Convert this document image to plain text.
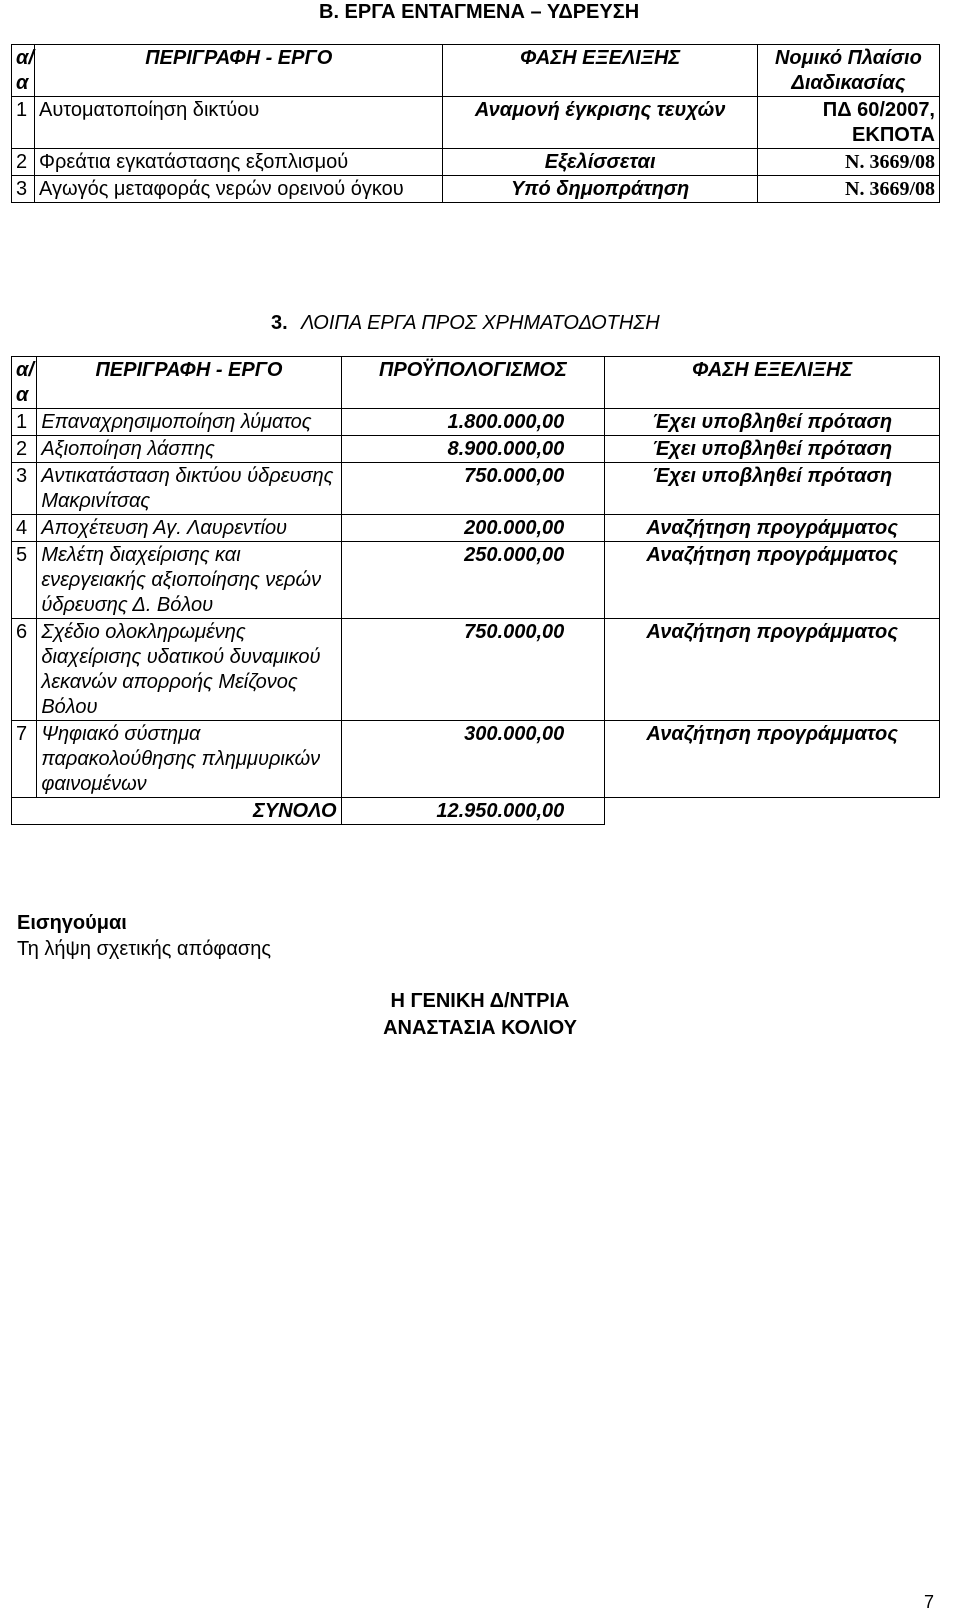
Β. ΕΡΓΑ ΕΝΤΑΓΜΕΝΑ – ΥΔΡΕΥΣΗ
α/α	ΠΕΡΙΓΡΑΦΗ - ΕΡΓΟ	ΦΑΣΗ ΕΞΕΛΙΞΗΣ	Νομικό Πλαίσιο Διαδικασίας
1	Αυτοματοποίηση δικτύου	Αναμονή έγκρισης τευχών	ΠΔ 60/2007, ΕΚΠΟΤΑ
2	Φρεάτια εγκατάστασης εξοπλισμού	Εξελίσσεται	Ν. 3669/08
3	Αγωγός μεταφοράς νερών ορεινού όγκου	Υπό δημοπράτηση	Ν. 3669/08
3. ΛΟΙΠΑ ΕΡΓΑ ΠΡΟΣ ΧΡΗΜΑΤΟΔΟΤΗΣΗ
α/α	ΠΕΡΙΓΡΑΦΗ - ΕΡΓΟ	ΠΡΟΫΠΟΛΟΓΙΣΜΟΣ	ΦΑΣΗ ΕΞΕΛΙΞΗΣ
1	Επαναχρησιμοποίηση λύματος	1.800.000,00	Έχει υποβληθεί πρόταση
2	Αξιοποίηση λάσπης	8.900.000,00	Έχει υποβληθεί πρόταση
3	Αντικατάσταση δικτύου ύδρευσης Μακρινίτσας	750.000,00	Έχει υποβληθεί πρόταση
4	Αποχέτευση Αγ. Λαυρεντίου	200.000,00	Αναζήτηση προγράμματος
5	Μελέτη διαχείρισης και ενεργειακής αξιοποίησης νερών ύδρευσης Δ. Βόλου	250.000,00	Αναζήτηση προγράμματος
6	Σχέδιο ολοκληρωμένης διαχείρισης υδατικού δυναμικού λεκανών απορροής Μείζονος Βόλου	750.000,00	Αναζήτηση προγράμματος
7	Ψηφιακό σύστημα παρακολούθησης πλημμυρικών φαινομένων	300.000,00	Αναζήτηση προγράμματος
ΣΥΝΟΛΟ		12.950.000,00	
Εισηγούμαι
Τη λήψη σχετικής απόφασης
Η ΓΕΝΙΚΗ Δ/ΝΤΡΙΑ
ΑΝΑΣΤΑΣΙΑ ΚΟΛΙΟΥ
7
